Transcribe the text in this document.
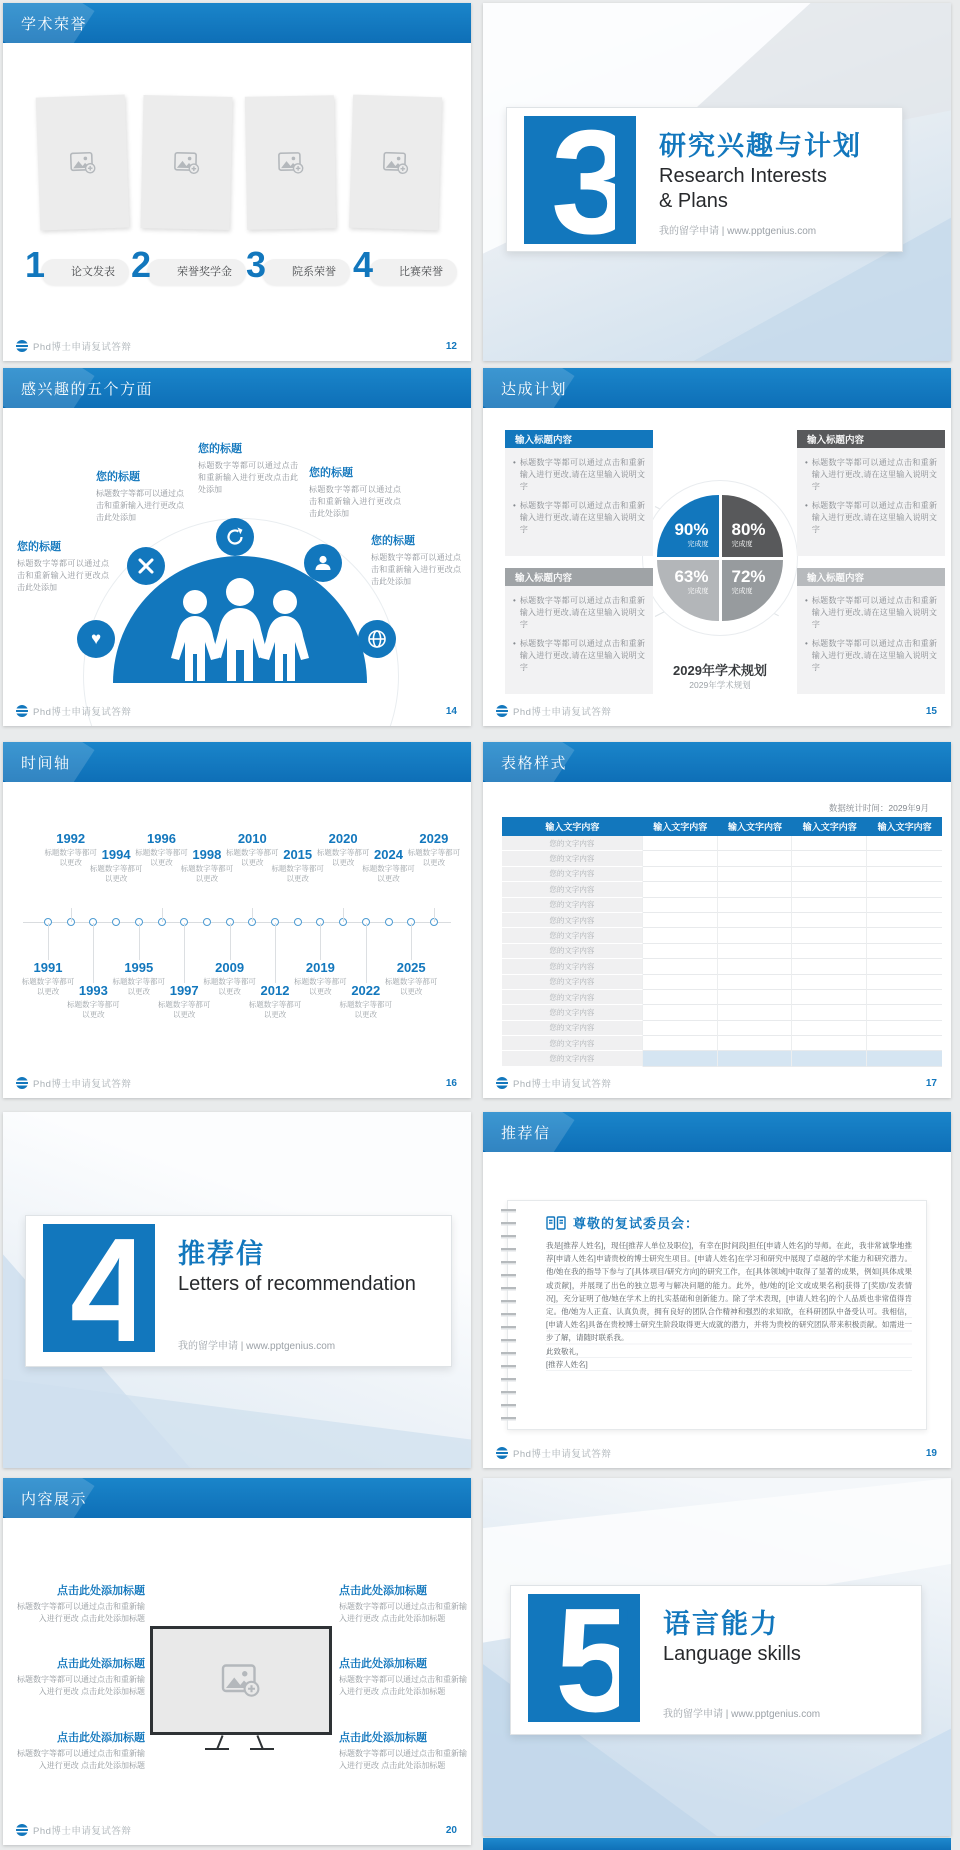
学术荣誉
1	论文发表 2	荣誉奖学金 3	院系荣誉 4	比赛荣誉
Phd博士申请复试答辩	12
3 研究兴趣与计划
Research Interests
& Plans
我的留学申请 | www.pptgenius.com
感兴趣的五个方面
♥
您的标题
标题数字等都可以通过点击和重新输入进行更改点击此处添加
您的标题
标题数字等都可以通过点击和重新输入进行更改点击此处添加
您的标题
标题数字等都可以通过点击和重新输入进行更改点击此处添加
您的标题
标题数字等都可以通过点击和重新输入进行更改点击此处添加
您的标题
标题数字等都可以通过点击和重新输入进行更改点击此处添加
Phd博士申请复试答辩	14
达成计划
输入标题内容
• 标题数字等都可以通过点击和重新输入进行更改,请在这里输入说明文字
• 标题数字等都可以通过点击和重新输入进行更改,请在这里输入说明文字
输入标题内容
• 标题数字等都可以通过点击和重新输入进行更改,请在这里输入说明文字
• 标题数字等都可以通过点击和重新输入进行更改,请在这里输入说明文字
输入标题内容
• 标题数字等都可以通过点击和重新输入进行更改,请在这里输入说明文字
• 标题数字等都可以通过点击和重新输入进行更改,请在这里输入说明文字
输入标题内容
• 标题数字等都可以通过点击和重新输入进行更改,请在这里输入说明文字
• 标题数字等都可以通过点击和重新输入进行更改,请在这里输入说明文字
90%
完成度
80%
完成度
63%
完成度
72%
完成度
2029年学术规划
2029年学术规划
Phd博士申请复试答辩	15
时间轴
1991
标题数字等都可以更改
1992
标题数字等都可以更改
1993
标题数字等都可以更改
1994
标题数字等都可以更改
1995
标题数字等都可以更改
1996
标题数字等都可以更改
1997
标题数字等都可以更改
1998
标题数字等都可以更改
2009
标题数字等都可以更改
2010
标题数字等都可以更改
2012
标题数字等都可以更改
2015
标题数字等都可以更改
2019
标题数字等都可以更改
2020
标题数字等都可以更改
2022
标题数字等都可以更改
2024
标题数字等都可以更改
2025
标题数字等都可以更改
2029
标题数字等都可以更改
Phd博士申请复试答辩	16
表格样式
数据统计时间：2029年9月
输入文字内容	输入文字内容	输入文字内容	输入文字内容	输入文字内容
您的文字内容
您的文字内容
您的文字内容
您的文字内容
您的文字内容
您的文字内容
您的文字内容
您的文字内容
您的文字内容
您的文字内容
您的文字内容
您的文字内容
您的文字内容
您的文字内容
您的文字内容
Phd博士申请复试答辩	17
4 推荐信
Letters of recommendation
我的留学申请 | www.pptgenius.com
推荐信
尊敬的复试委员会：
我是[推荐人姓名]，现任[推荐人单位及职位]，有幸在[时间段]担任[申请人姓名]的导师。在此，我非常诚挚地推荐[申请人姓名]申请贵校的博士研究生项目。[申请人姓名]在学习和研究中展现了卓越的学术能力和研究潜力。他/她在我的指导下参与了[具体项目/研究方向]的研究工作，在[具体领域]中取得了显著的成果，例如[具体成果或贡献]，并展现了出色的独立思考与解决问题的能力。此外，他/她的[论文或成果名称]获得了[奖励/发表情况]，充分证明了他/她在学术上的扎实基础和创新能力。除了学术表现，[申请人姓名]的个人品质也非常值得肯定。他/她为人正直、认真负责，拥有良好的团队合作精神和强烈的求知欲，在科研团队中备受认可。我相信，[申请人姓名]具备在贵校博士研究生阶段取得更大成就的潜力，并将为贵校的研究团队带来积极贡献。如需进一步了解，请随时联系我。
此致敬礼，
[推荐人姓名]
Phd博士申请复试答辩	19
内容展示
点击此处添加标题
标题数字等都可以通过点击和重新输入进行更改 点击此处添加标题
点击此处添加标题
标题数字等都可以通过点击和重新输入进行更改 点击此处添加标题
点击此处添加标题
标题数字等都可以通过点击和重新输入进行更改 点击此处添加标题
点击此处添加标题
标题数字等都可以通过点击和重新输入进行更改 点击此处添加标题
点击此处添加标题
标题数字等都可以通过点击和重新输入进行更改 点击此处添加标题
点击此处添加标题
标题数字等都可以通过点击和重新输入进行更改 点击此处添加标题
Phd博士申请复试答辩	20
5 语言能力
Language skills
我的留学申请 | www.pptgenius.com
